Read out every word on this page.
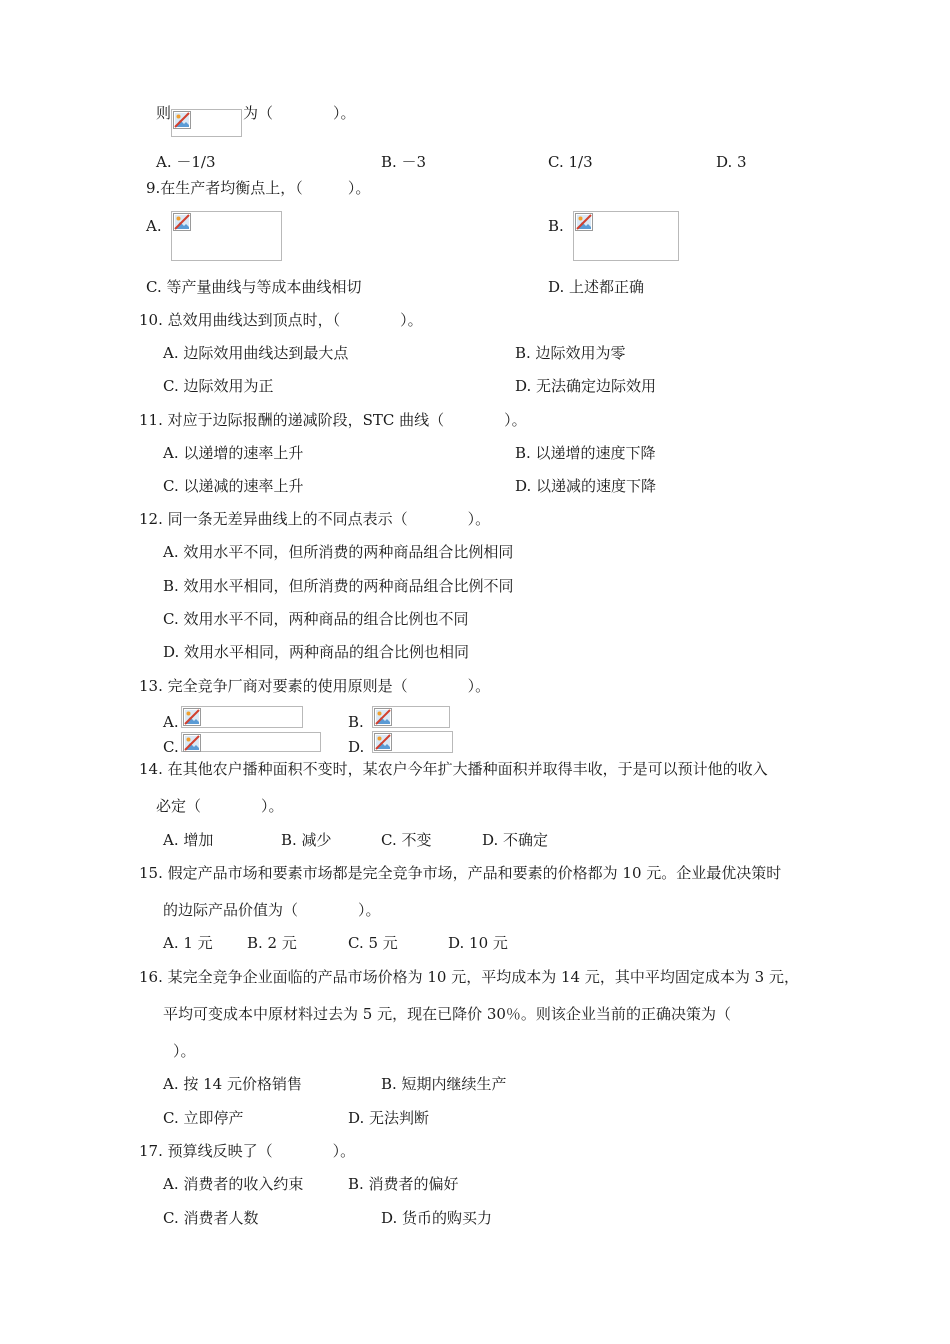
则	为（　　　　）。
A. －1/3	B. －3	C. 1/3	D. 3
9.在生产者均衡点上，（　　　）。
A.	B.
C. 等产量曲线与等成本曲线相切	D. 上述都正确
10. 总效用曲线达到顶点时，（　　　　）。
A. 边际效用曲线达到最大点	B. 边际效用为零
C. 边际效用为正	D. 无法确定边际效用
11. 对应于边际报酬的递减阶段，STC 曲线（　　　　）。
A. 以递增的速率上升	B. 以递增的速度下降
C. 以递减的速率上升	D. 以递减的速度下降
12. 同一条无差异曲线上的不同点表示（　　　　）。
A. 效用水平不同，但所消费的两种商品组合比例相同
B. 效用水平相同，但所消费的两种商品组合比例不同
C. 效用水平不同，两种商品的组合比例也不同
D. 效用水平相同，两种商品的组合比例也相同
13. 完全竞争厂商对要素的使用原则是（　　　　）。
A.	B.
C.	D.
14. 在其他农户播种面积不变时，某农户今年扩大播种面积并取得丰收，于是可以预计他的收入
必定（　　　　）。
A. 增加	B. 减少	C. 不变	D. 不确定
15. 假定产品市场和要素市场都是完全竞争市场，产品和要素的价格都为 10 元。企业最优决策时
的边际产品价值为（　　　　）。
A. 1 元 B. 2 元	C. 5 元	D. 10 元
16. 某完全竞争企业面临的产品市场价格为 10 元，平均成本为 14 元，其中平均固定成本为 3 元，
平均可变成本中原材料过去为 5 元，现在已降价 30％。则该企业当前的正确决策为（
）。
A. 按 14 元价格销售	B. 短期内继续生产
C. 立即停产	D. 无法判断
17. 预算线反映了（　　　　）。
A. 消费者的收入约束	B. 消费者的偏好
C. 消费者人数	D. 货币的购买力
